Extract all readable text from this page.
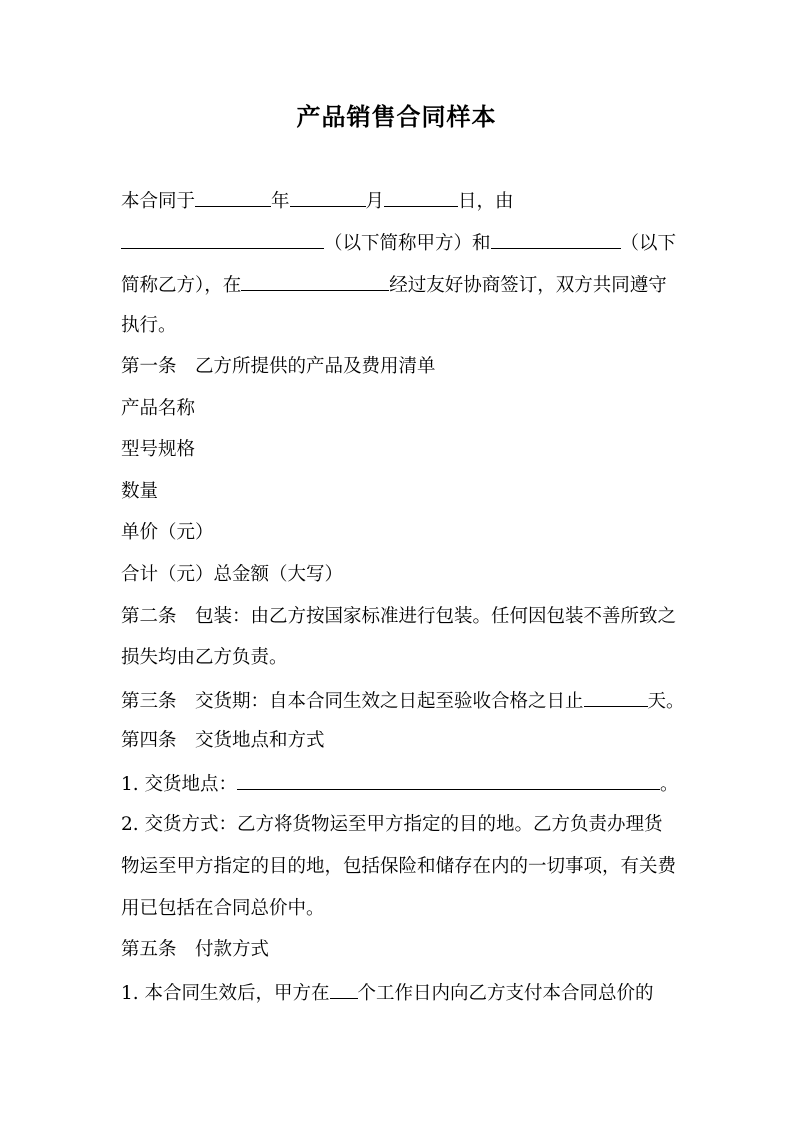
产品销售合同样本
本合同于	年	月	日，由
（以下简称甲方）和	（以下
简称乙方），在	经过友好协商签订，双方共同遵守
执行。
第一条　乙方所提供的产品及费用清单
产品名称
型号规格
数量
单价（元）
合计（元）总金额（大写）
第二条　包装：由乙方按国家标准进行包装。任何因包装不善所致之
损失均由乙方负责。
第三条　交货期：自本合同生效之日起至验收合格之日止	天。
第四条　交货地点和方式
1. 交货地点：	。
2. 交货方式：乙方将货物运至甲方指定的目的地。乙方负责办理货
物运至甲方指定的目的地，包括保险和储存在内的一切事项，有关费
用已包括在合同总价中。
第五条　付款方式
1. 本合同生效后，甲方在 个工作日内向乙方支付本合同总价的
